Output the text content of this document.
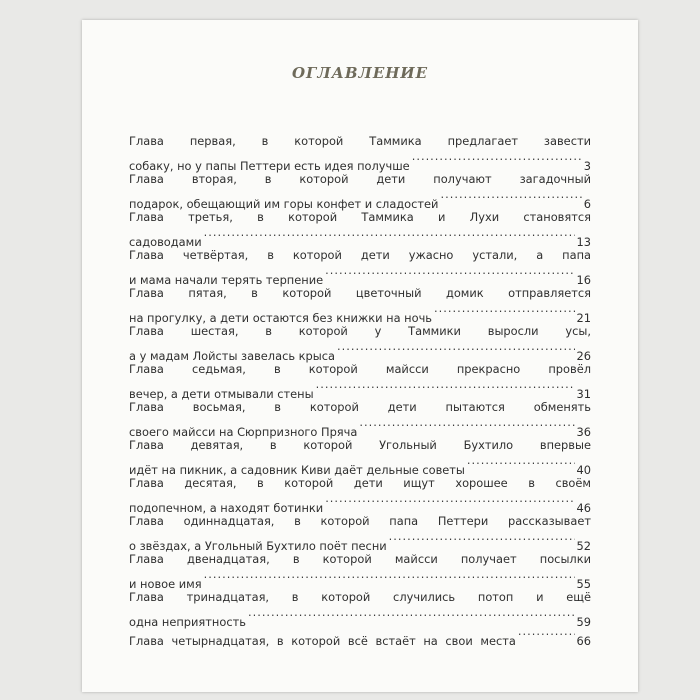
ОГЛАВЛЕНИЕ
Глава первая, в которой Таммика предлагает завести
собаку, но у папы Петтери есть идея получше .....	3
Глава вторая, в которой дети получают загадочный
подарок, обещающий им горы конфет и сладостей .....	6
Глава третья, в которой Таммика и Лухи становятся
садоводами .....	13
Глава четвёртая, в которой дети ужасно устали, а папа
и мама начали терять терпение .....	16
Глава пятая, в которой цветочный домик отправляется
на прогулку, а дети остаются без книжки на ночь .....	21
Глава шестая, в которой у Таммики выросли усы,
а у мадам Лойсты завелась крыса .....	26
Глава седьмая, в которой майсси прекрасно провёл
вечер, а дети отмывали стены .....	31
Глава восьмая, в которой дети пытаются обменять
своего майсси на Сюрпризного Пряча .....	36
Глава девятая, в которой Угольный Бухтило впервые
идёт на пикник, а садовник Киви даёт дельные советы .....	40
Глава десятая, в которой дети ищут хорошее в своём
подопечном, а находят ботинки .....	46
Глава одиннадцатая, в которой папа Петтери рассказывает
о звёздах, а Угольный Бухтило поёт песни .....	52
Глава двенадцатая, в которой майсси получает посылки
и новое имя .....	55
Глава тринадцатая, в которой случились потоп и ещё
одна неприятность .....	59
Глава четырнадцатая, в которой всё встаёт на свои места .....	66
